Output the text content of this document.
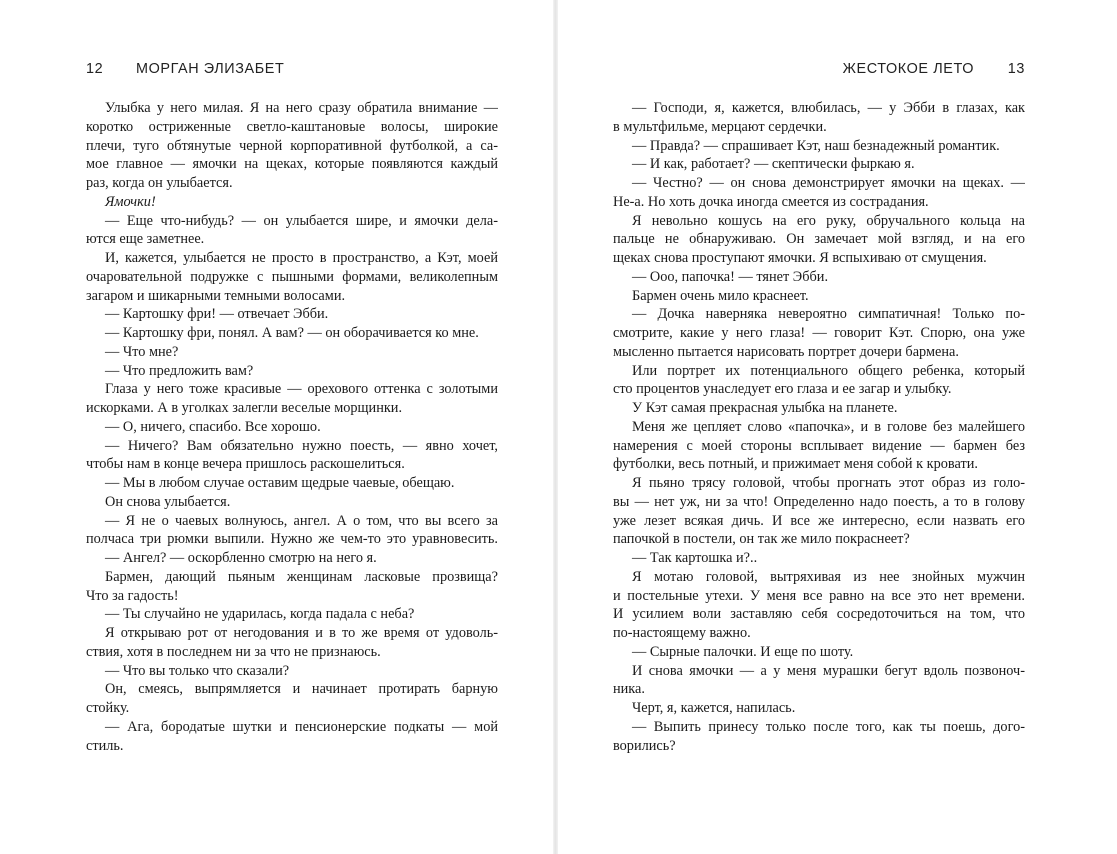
12 МОРГАН ЭЛИЗАБЕТ
Улыбка у него милая. Я на него сразу обратила внимание —
коротко остриженные светло-каштановые волосы, широкие
плечи, туго обтянутые черной корпоративной футболкой, а са-
мое главное — ямочки на щеках, которые появляются каждый
раз, когда он улыбается.
Ямочки!
— Еще что-нибудь? — он улыбается шире, и ямочки дела-
ются еще заметнее.
И, кажется, улыбается не просто в пространство, а Кэт, моей
очаровательной подружке с пышными формами, великолепным
загаром и шикарными темными волосами.
— Картошку фри! — отвечает Эбби.
— Картошку фри, понял. А вам? — он оборачивается ко мне.
— Что мне?
— Что предложить вам?
Глаза у него тоже красивые — орехового оттенка с золотыми
искорками. А в уголках залегли веселые морщинки.
— О, ничего, спасибо. Все хорошо.
— Ничего? Вам обязательно нужно поесть, — явно хочет,
чтобы нам в конце вечера пришлось раскошелиться.
— Мы в любом случае оставим щедрые чаевые, обещаю.
Он снова улыбается.
— Я не о чаевых волнуюсь, ангел. А о том, что вы всего за
полчаса три рюмки выпили. Нужно же чем-то это уравновесить.
— Ангел? — оскорбленно смотрю на него я.
Бармен, дающий пьяным женщинам ласковые прозвища?
Что за гадость!
— Ты случайно не ударилась, когда падала с неба?
Я открываю рот от негодования и в то же время от удоволь-
ствия, хотя в последнем ни за что не признаюсь.
— Что вы только что сказали?
Он, смеясь, выпрямляется и начинает протирать барную
стойку.
— Ага, бородатые шутки и пенсионерские подкаты — мой
стиль.
ЖЕСТОКОЕ ЛЕТО 13
— Господи, я, кажется, влюбилась, — у Эбби в глазах, как
в мультфильме, мерцают сердечки.
— Правда? — спрашивает Кэт, наш безнадежный романтик.
— И как, работает? — скептически фыркаю я.
— Честно? — он снова демонстрирует ямочки на щеках. —
Не-а. Но хоть дочка иногда смеется из сострадания.
Я невольно кошусь на его руку, обручального кольца на
пальце не обнаруживаю. Он замечает мой взгляд, и на его
щеках снова проступают ямочки. Я вспыхиваю от смущения.
— Ооо, папочка! — тянет Эбби.
Бармен очень мило краснеет.
— Дочка наверняка невероятно симпатичная! Только по-
смотрите, какие у него глаза! — говорит Кэт. Спорю, она уже
мысленно пытается нарисовать портрет дочери бармена.
Или портрет их потенциального общего ребенка, который
сто процентов унаследует его глаза и ее загар и улыбку.
У Кэт самая прекрасная улыбка на планете.
Меня же цепляет слово «папочка», и в голове без малейшего
намерения с моей стороны всплывает видение — бармен без
футболки, весь потный, и прижимает меня собой к кровати.
Я пьяно трясу головой, чтобы прогнать этот образ из голо-
вы — нет уж, ни за что! Определенно надо поесть, а то в голову
уже лезет всякая дичь. И все же интересно, если назвать его
папочкой в постели, он так же мило покраснеет?
— Так картошка и?..
Я мотаю головой, вытряхивая из нее знойных мужчин
и постельные утехи. У меня все равно на все это нет времени.
И усилием воли заставляю себя сосредоточиться на том, что
по-настоящему важно.
— Сырные палочки. И еще по шоту.
И снова ямочки — а у меня мурашки бегут вдоль позвоноч-
ника.
Черт, я, кажется, напилась.
— Выпить принесу только после того, как ты поешь, дого-
ворились?
